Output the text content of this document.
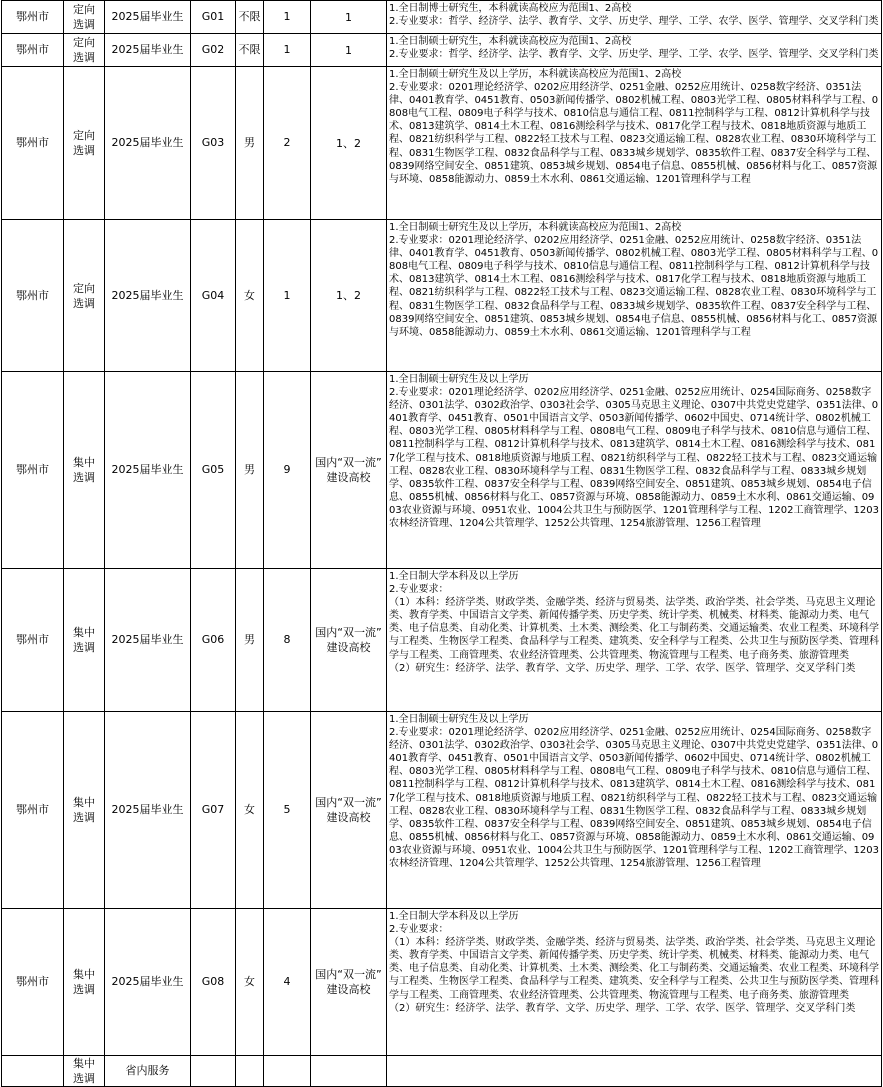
鄂州市	定向
选调	2025届毕业生	G01	不限	1	1	1.全日制博士研究生，本科就读高校应为范围1、2高校
2.专业要求：哲学、经济学、法学、教育学、文学、历史学、理学、工学、农学、医学、管理学、交叉学科门类
鄂州市	定向
选调	2025届毕业生	G02	不限	1	1	1.全日制硕士研究生，本科就读高校应为范围1、2高校
2.专业要求：哲学、经济学、法学、教育学、文学、历史学、理学、工学、农学、医学、管理学、交叉学科门类
鄂州市	定向
选调	2025届毕业生	G03	男	2	1、2	1.全日制硕士研究生及以上学历，本科就读高校应为范围1、2高校
2.专业要求：0201理论经济学、0202应用经济学、0251金融、0252应用统计、0258数字经济、0351法律、0401教育学、0451教育、0503新闻传播学、0802机械工程、0803光学工程、0805材料科学与工程、0808电气工程、0809电子科学与技术、0810信息与通信工程、0811控制科学与工程、0812计算机科学与技术、0813建筑学、0814土木工程、0816测绘科学与技术、0817化学工程与技术、0818地质资源与地质工程、0821纺织科学与工程、0822轻工技术与工程、0823交通运输工程、0828农业工程、0830环境科学与工程、0831生物医学工程、0832食品科学与工程、0833城乡规划学、0835软件工程、0837安全科学与工程、0839网络空间安全、0851建筑、0853城乡规划、0854电子信息、0855机械、0856材料与化工、0857资源与环境、0858能源动力、0859土木水利、0861交通运输、1201管理科学与工程
鄂州市	定向
选调	2025届毕业生	G04	女	1	1、2	1.全日制硕士研究生及以上学历，本科就读高校应为范围1、2高校
2.专业要求：0201理论经济学、0202应用经济学、0251金融、0252应用统计、0258数字经济、0351法律、0401教育学、0451教育、0503新闻传播学、0802机械工程、0803光学工程、0805材料科学与工程、0808电气工程、0809电子科学与技术、0810信息与通信工程、0811控制科学与工程、0812计算机科学与技术、0813建筑学、0814土木工程、0816测绘科学与技术、0817化学工程与技术、0818地质资源与地质工程、0821纺织科学与工程、0822轻工技术与工程、0823交通运输工程、0828农业工程、0830环境科学与工程、0831生物医学工程、0832食品科学与工程、0833城乡规划学、0835软件工程、0837安全科学与工程、0839网络空间安全、0851建筑、0853城乡规划、0854电子信息、0855机械、0856材料与化工、0857资源与环境、0858能源动力、0859土木水利、0861交通运输、1201管理科学与工程
鄂州市	集中
选调	2025届毕业生	G05	男	9	国内“双一流”
建设高校	1.全日制硕士研究生及以上学历
2.专业要求：0201理论经济学、0202应用经济学、0251金融、0252应用统计、0254国际商务、0258数字经济、0301法学、0302政治学、0303社会学、0305马克思主义理论、0307中共党史党建学、0351法律、0401教育学、0451教育、0501中国语言文学、0503新闻传播学、0602中国史、0714统计学、0802机械工程、0803光学工程、0805材料科学与工程、0808电气工程、0809电子科学与技术、0810信息与通信工程、0811控制科学与工程、0812计算机科学与技术、0813建筑学、0814土木工程、0816测绘科学与技术、0817化学工程与技术、0818地质资源与地质工程、0821纺织科学与工程、0822轻工技术与工程、0823交通运输工程、0828农业工程、0830环境科学与工程、0831生物医学工程、0832食品科学与工程、0833城乡规划学、0835软件工程、0837安全科学与工程、0839网络空间安全、0851建筑、0853城乡规划、0854电子信息、0855机械、0856材料与化工、0857资源与环境、0858能源动力、0859土木水利、0861交通运输、0903农业资源与环境、0951农业、1004公共卫生与预防医学、1201管理科学与工程、1202工商管理学、1203农林经济管理、1204公共管理学、1252公共管理、1254旅游管理、1256工程管理
鄂州市	集中
选调	2025届毕业生	G06	男	8	国内“双一流”
建设高校	1.全日制大学本科及以上学历
2.专业要求：
（1）本科：经济学类、财政学类、金融学类、经济与贸易类、法学类、政治学类、社会学类、马克思主义理论类、教育学类、中国语言文学类、新闻传播学类、历史学类、统计学类、机械类、材料类、能源动力类、电气类、电子信息类、自动化类、计算机类、土木类、测绘类、化工与制药类、交通运输类、农业工程类、环境科学与工程类、生物医学工程类、食品科学与工程类、建筑类、安全科学与工程类、公共卫生与预防医学类、管理科学与工程类、工商管理类、农业经济管理类、公共管理类、物流管理与工程类、电子商务类、旅游管理类
（2）研究生：经济学、法学、教育学、文学、历史学、理学、工学、农学、医学、管理学、交叉学科门类
鄂州市	集中
选调	2025届毕业生	G07	女	5	国内“双一流”
建设高校	1.全日制硕士研究生及以上学历
2.专业要求：0201理论经济学、0202应用经济学、0251金融、0252应用统计、0254国际商务、0258数字经济、0301法学、0302政治学、0303社会学、0305马克思主义理论、0307中共党史党建学、0351法律、0401教育学、0451教育、0501中国语言文学、0503新闻传播学、0602中国史、0714统计学、0802机械工程、0803光学工程、0805材料科学与工程、0808电气工程、0809电子科学与技术、0810信息与通信工程、0811控制科学与工程、0812计算机科学与技术、0813建筑学、0814土木工程、0816测绘科学与技术、0817化学工程与技术、0818地质资源与地质工程、0821纺织科学与工程、0822轻工技术与工程、0823交通运输工程、0828农业工程、0830环境科学与工程、0831生物医学工程、0832食品科学与工程、0833城乡规划学、0835软件工程、0837安全科学与工程、0839网络空间安全、0851建筑、0853城乡规划、0854电子信息、0855机械、0856材料与化工、0857资源与环境、0858能源动力、0859土木水利、0861交通运输、0903农业资源与环境、0951农业、1004公共卫生与预防医学、1201管理科学与工程、1202工商管理学、1203农林经济管理、1204公共管理学、1252公共管理、1254旅游管理、1256工程管理
鄂州市	集中
选调	2025届毕业生	G08	女	4	国内“双一流”
建设高校	1.全日制大学本科及以上学历
2.专业要求：
（1）本科：经济学类、财政学类、金融学类、经济与贸易类、法学类、政治学类、社会学类、马克思主义理论类、教育学类、中国语言文学类、新闻传播学类、历史学类、统计学类、机械类、材料类、能源动力类、电气类、电子信息类、自动化类、计算机类、土木类、测绘类、化工与制药类、交通运输类、农业工程类、环境科学与工程类、生物医学工程类、食品科学与工程类、建筑类、安全科学与工程类、公共卫生与预防医学类、管理科学与工程类、工商管理类、农业经济管理类、公共管理类、物流管理与工程类、电子商务类、旅游管理类
（2）研究生：经济学、法学、教育学、文学、历史学、理学、工学、农学、医学、管理学、交叉学科门类
	集中
选调	省内服务					
